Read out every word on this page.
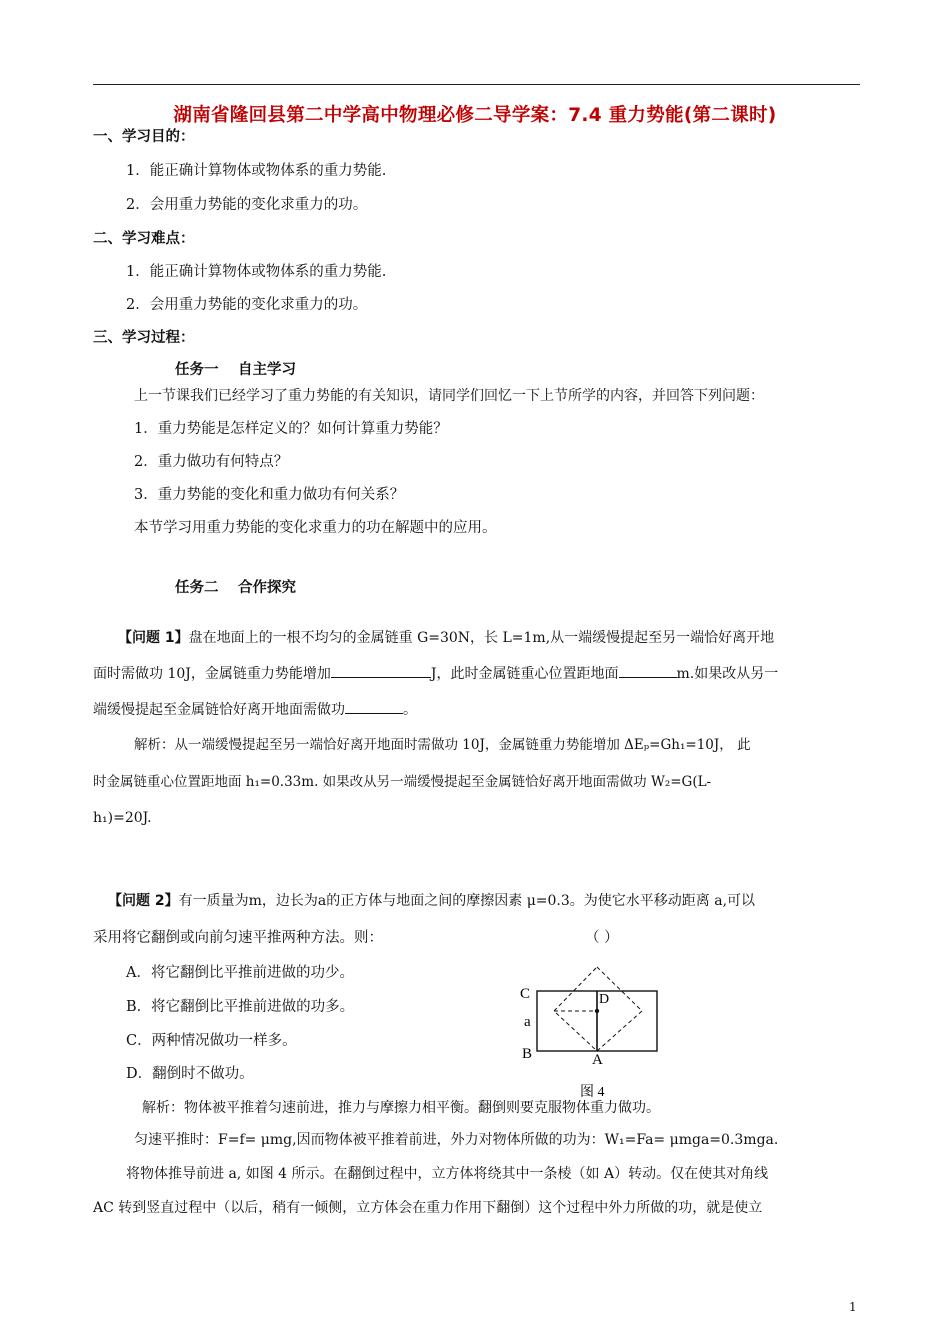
湖南省隆回县第二中学高中物理必修二导学案：7.4 重力势能(第二课时)
一、学习目的：
1．能正确计算物体或物体系的重力势能.
2．会用重力势能的变化求重力的功。
二、学习难点：
1．能正确计算物体或物体系的重力势能.
2．会用重力势能的变化求重力的功。
三、学习过程：
任务一　 自主学习
上一节课我们已经学习了重力势能的有关知识，请同学们回忆一下上节所学的内容，并回答下列问题：
1．重力势能是怎样定义的？如何计算重力势能？
2．重力做功有何特点？
3．重力势能的变化和重力做功有何关系？
本节学习用重力势能的变化求重力的功在解题中的应用。
任务二　 合作探究
【问题 1】盘在地面上的一根不均匀的金属链重 G=30N，长 L=1m,从一端缓慢提起至另一端恰好离开地
面时需做功 10J，金属链重力势能增加	J，此时金属链重心位置距地面	m.如果改从另一
端缓慢提起至金属链恰好离开地面需做功	。
解析：从一端缓慢提起至另一端恰好离开地面时需做功 10J，金属链重力势能增加 ΔEₚ=Gh₁=10J， 此
时金属链重心位置距地面 h₁=0.33m. 如果改从另一端缓慢提起至金属链恰好离开地面需做功 W₂=G(L-
h₁)=20J.
【问题 2】有一质量为m，边长为a的正方体与地面之间的摩擦因素 μ=0.3。为使它水平移动距离 a,可以
采用将它翻倒或向前匀速平推两种方法。则：	（ ）
A．将它翻倒比平推前进做的功少。
B．将它翻倒比平推前进做的功多。
C．两种情况做功一样多。
D．翻倒时不做功。
C	D
a
B	A
图 4
解析：物体被平推着匀速前进，推力与摩擦力相平衡。翻倒则要克服物体重力做功。
匀速平推时：F=f= μmg,因而物体被平推着前进，外力对物体所做的功为：W₁=Fa= μmga=0.3mga.
将物体推导前进 a, 如图 4 所示。在翻倒过程中，立方体将绕其中一条棱（如 A）转动。仅在使其对角线
AC 转到竖直过程中（以后，稍有一倾侧，立方体会在重力作用下翻倒）这个过程中外力所做的功，就是使立
1
